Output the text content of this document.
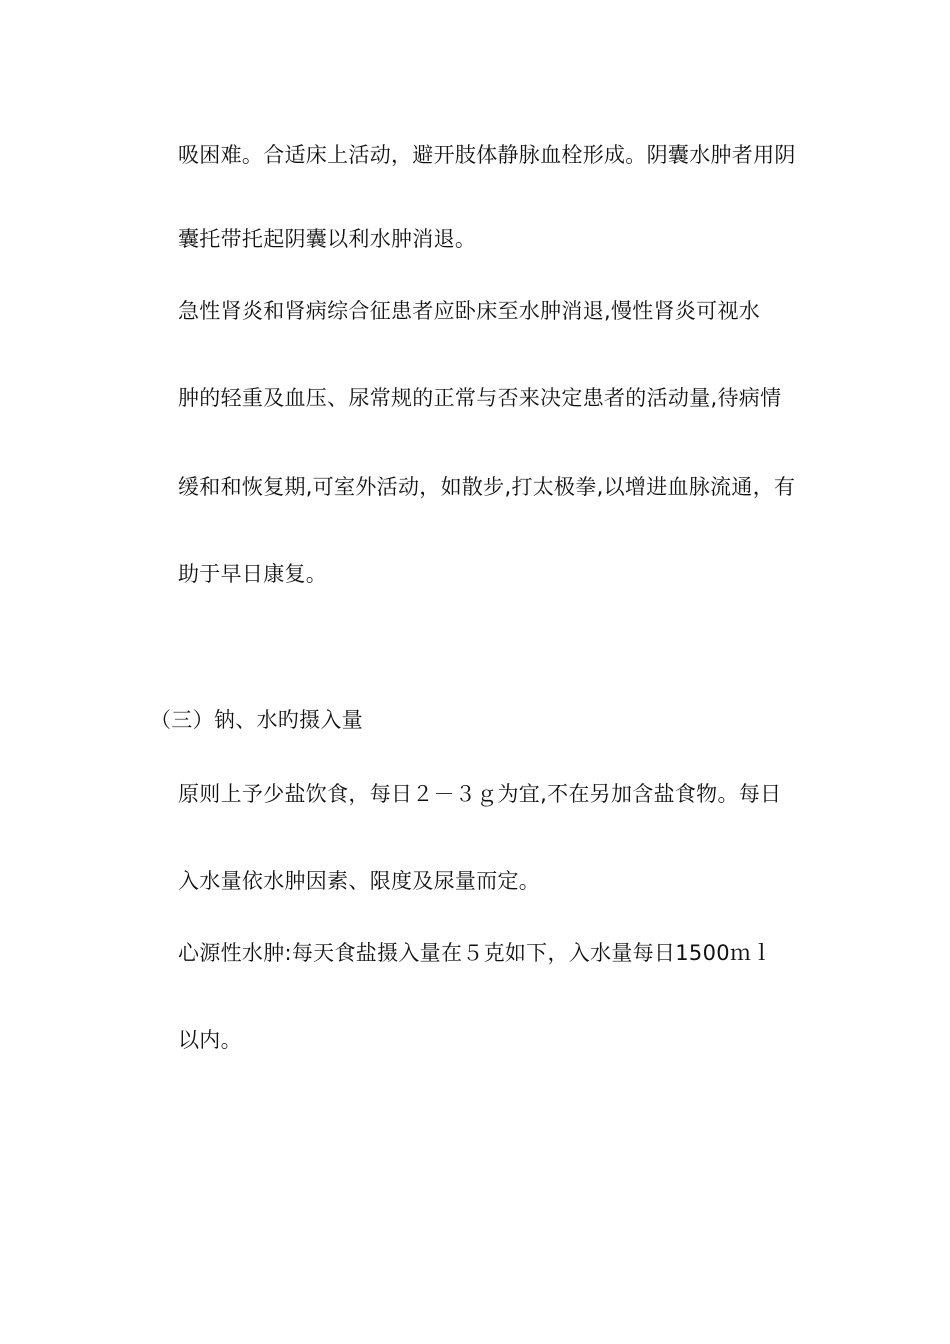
吸困难。合适床上活动，避开肢体静脉血栓形成。阴囊水肿者用阴
囊托带托起阴囊以利水肿消退。
急性肾炎和肾病综合征患者应卧床至水肿消退,慢性肾炎可视水
肿的轻重及血压、尿常规的正常与否来决定患者的活动量,待病情
缓和和恢复期,可室外活动，如散步,打太极拳,以增进血脉流通，有
助于早日康复。
（三）钠、水旳摄入量
原则上予少盐饮食，每日２－３ｇ为宜,不在另加含盐食物。每日
入水量依水肿因素、限度及尿量而定。
心源性水肿:每天食盐摄入量在５克如下，入水量每日1500ｍｌ
以内。
